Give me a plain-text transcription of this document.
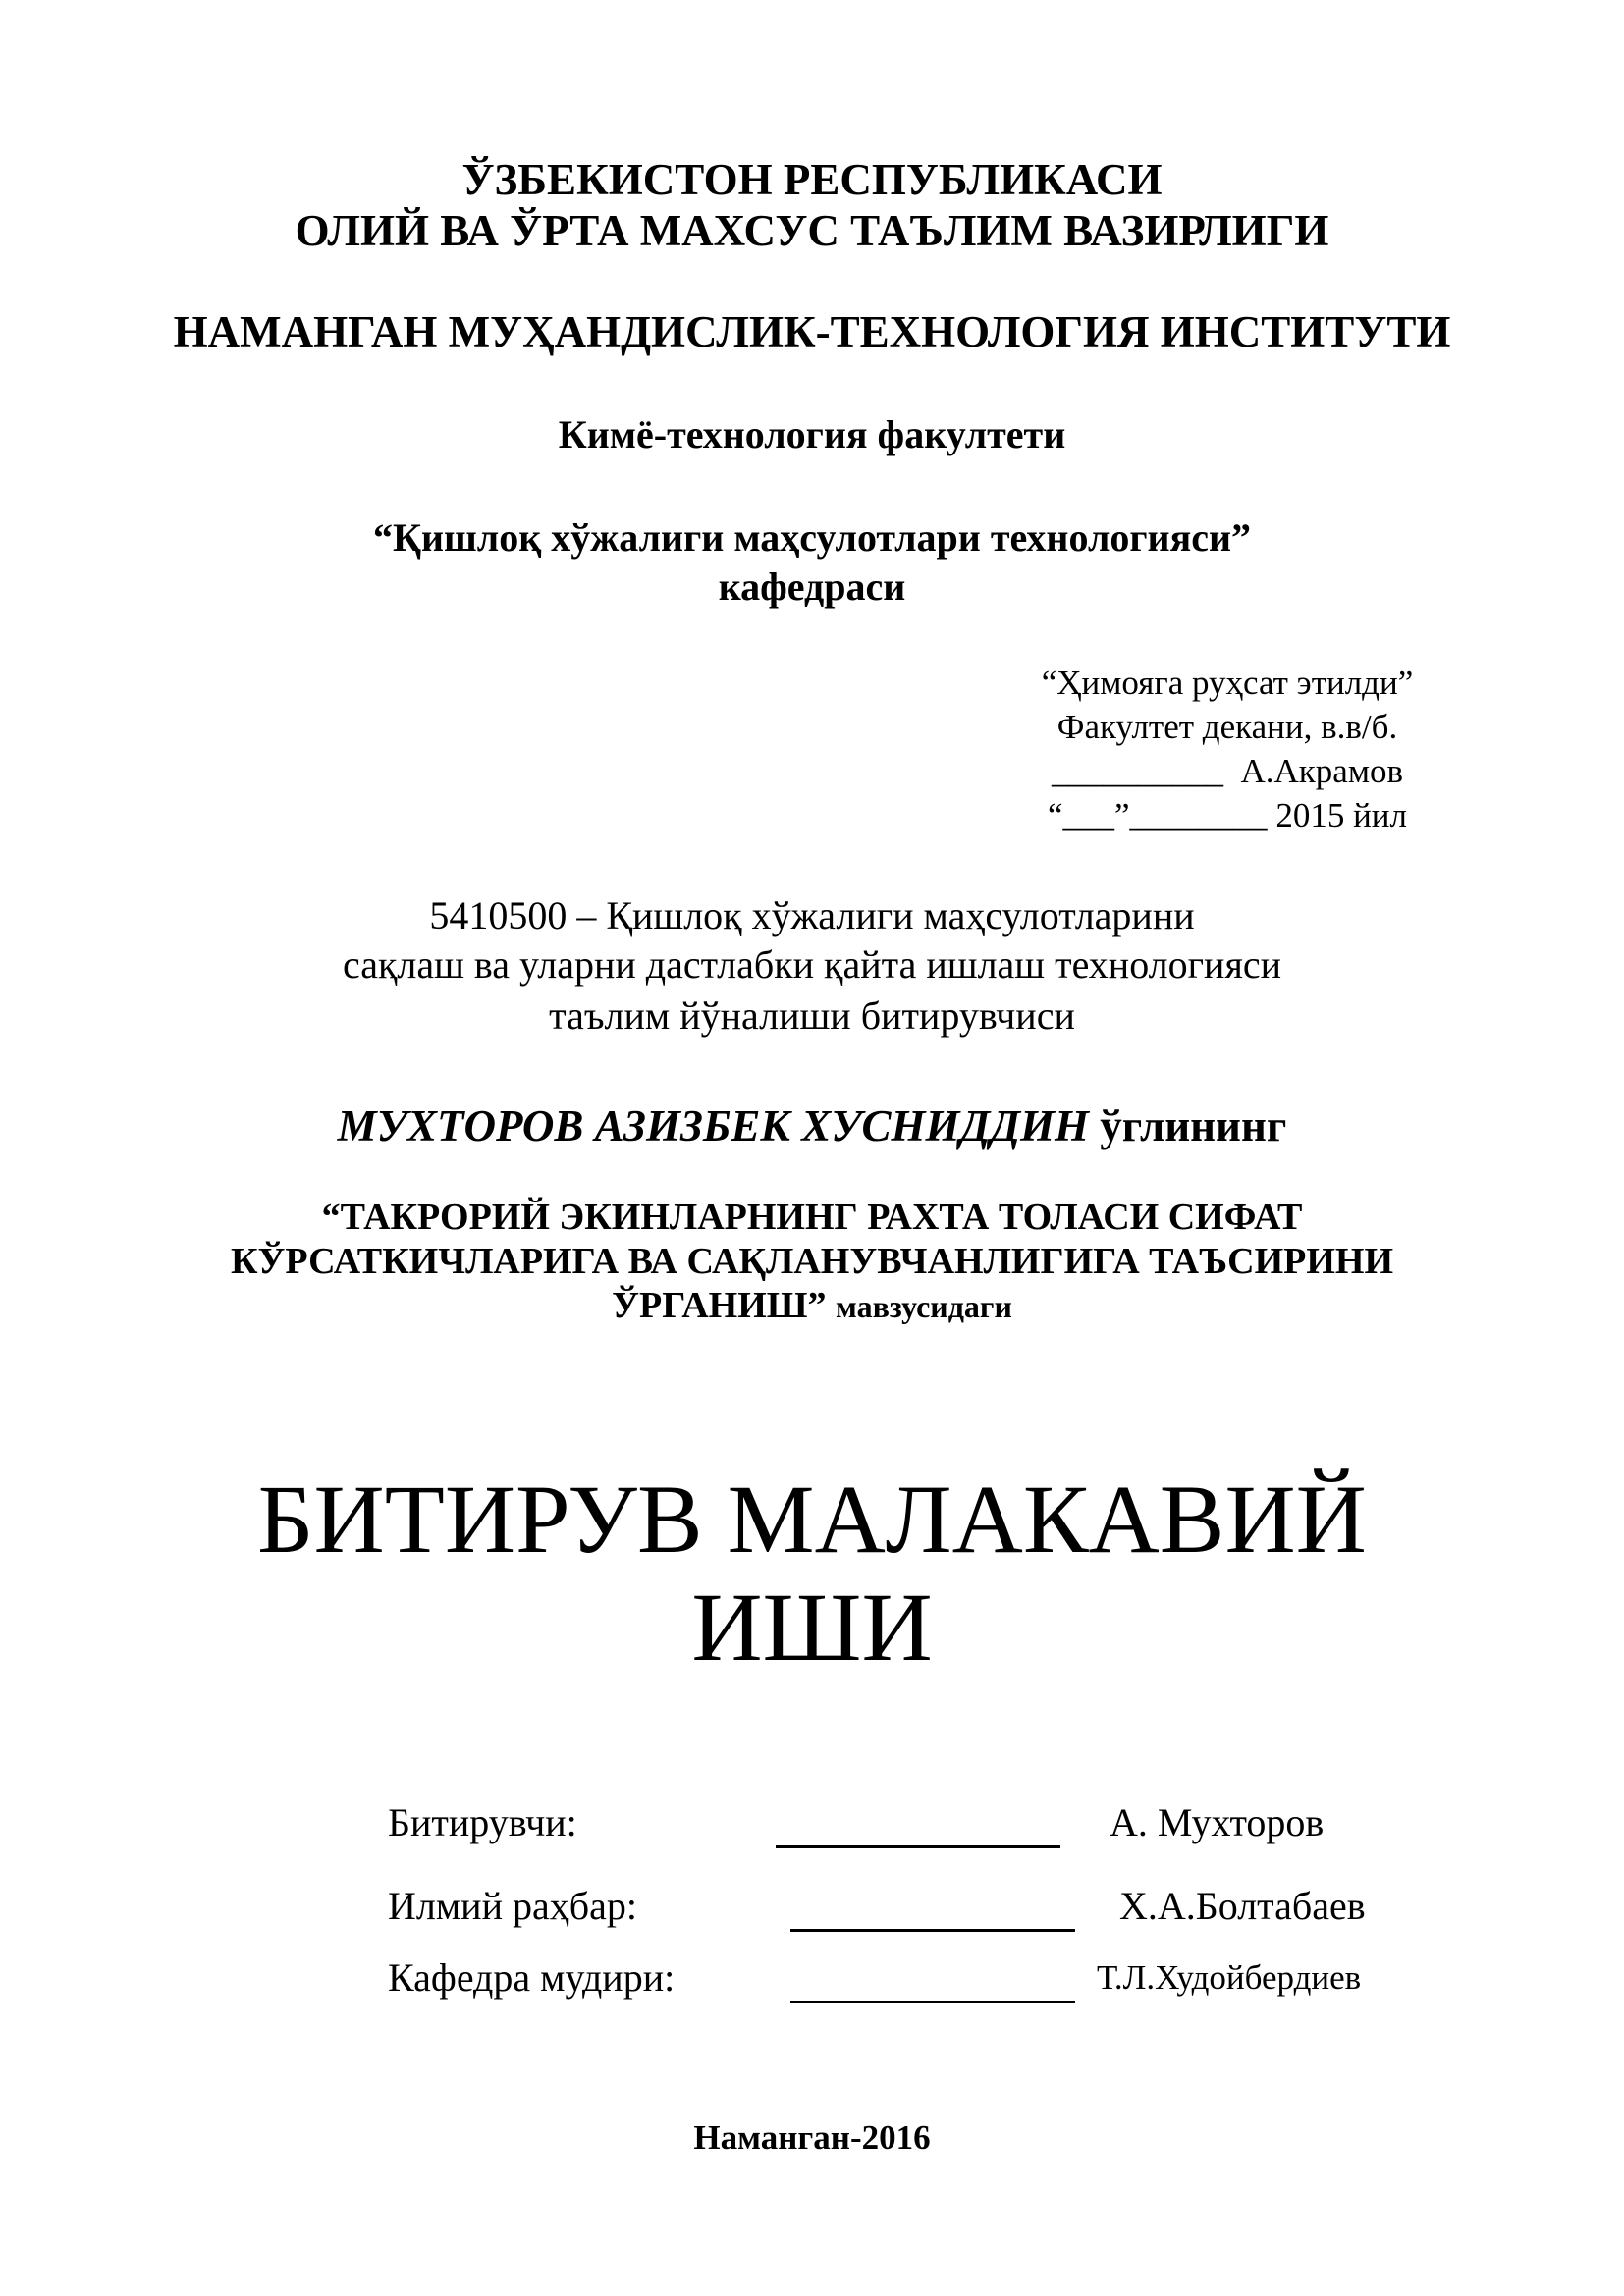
ЎЗБЕКИСТОН РЕСПУБЛИКАСИ
ОЛИЙ ВА ЎРТА МАХСУС ТАЪЛИМ ВАЗИРЛИГИ
НАМАНГАН МУҲАНДИСЛИК-ТЕХНОЛОГИЯ ИНСТИТУТИ
Кимё-технология факултети
“Қишлоқ хўжалиги маҳсулотлари технологияси”
кафедраси
“Ҳимояга руҳсат этилди”
Факултет декани, в.в/б.
__________ А.Акрамов
“___”________ 2015 йил
5410500 – Қишлоқ хўжалиги маҳсулотларини
сақлаш ва уларни дастлабки қайта ишлаш технологияси
таълим йўналиши битирувчиси
МУХТОРОВ АЗИЗБЕК ХУСНИДДИН ўглининг
“ТАКРОРИЙ ЭКИНЛАРНИНГ РАХТА ТОЛАСИ СИФАТ
КЎРСАТКИЧЛАРИГА ВА САҚЛАНУВЧАНЛИГИГА ТАЪСИРИНИ
ЎРГАНИШ” мавзусидаги
БИТИРУВ МАЛАКАВИЙ
ИШИ
Битирувчи:	А. Мухторов
Илмий раҳбар:	Х.А.Болтабаев
Кафедра мудири:	Т.Л.Худойбердиев
Наманган-2016
